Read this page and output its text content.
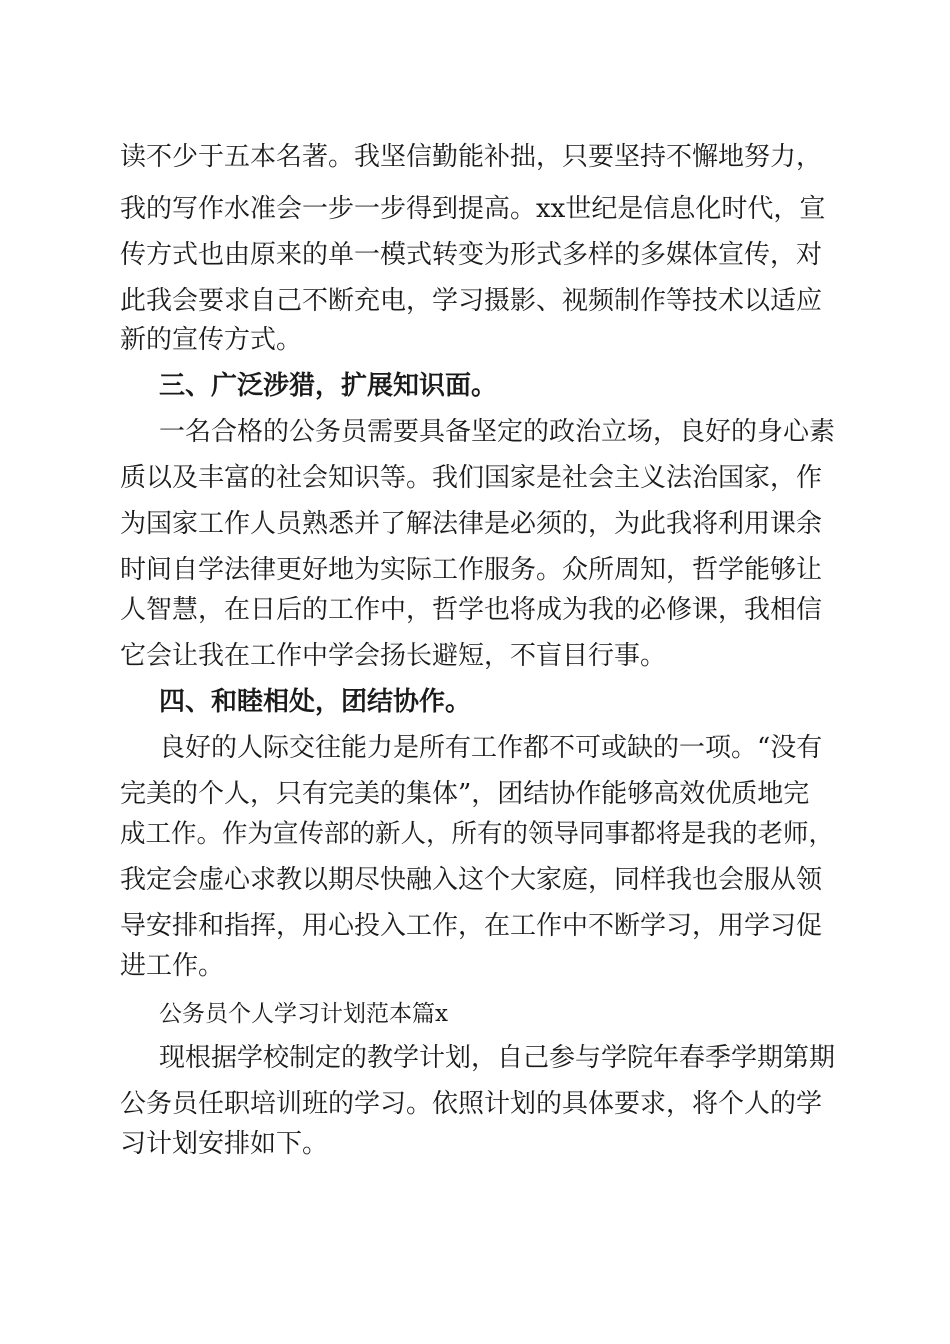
读不少于五本名著。我坚信勤能补拙，只要坚持不懈地努力，

我的写作水准会一步一步得到提高。xx世纪是信息化时代，宣

传方式也由原来的单一模式转变为形式多样的多媒体宣传，对

此我会要求自己不断充电，学习摄影、视频制作等技术以适应

新的宣传方式。

三、广泛涉猎，扩展知识面。

一名合格的公务员需要具备坚定的政治立场，良好的身心素

质以及丰富的社会知识等。我们国家是社会主义法治国家，作

为国家工作人员熟悉并了解法律是必须的，为此我将利用课余

时间自学法律更好地为实际工作服务。众所周知，哲学能够让

人智慧，在日后的工作中，哲学也将成为我的必修课，我相信

它会让我在工作中学会扬长避短，不盲目行事。

四、和睦相处，团结协作。

良好的人际交往能力是所有工作都不可或缺的一项。“没有

完美的个人，只有完美的集体”，团结协作能够高效优质地完

成工作。作为宣传部的新人，所有的领导同事都将是我的老师，

我定会虚心求教以期尽快融入这个大家庭，同样我也会服从领

导安排和指挥，用心投入工作，在工作中不断学习，用学习促

进工作。

公务员个人学习计划范本篇x

现根据学校制定的教学计划，自己参与学院年春季学期第期

公务员任职培训班的学习。依照计划的具体要求，将个人的学

习计划安排如下。
